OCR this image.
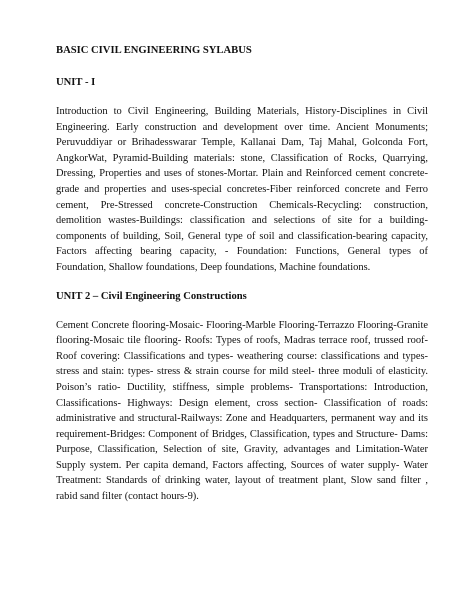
BASIC CIVIL ENGINEERING SYLABUS
UNIT - I

Introduction to Civil Engineering, Building Materials, History-Disciplines in Civil Engineering. Early construction and development over time. Ancient Monuments; Peruvuddiyar or Brihadesswarar Temple, Kallanai Dam, Taj Mahal, Golconda Fort, AngkorWat, Pyramid-Building materials: stone, Classification of Rocks, Quarrying, Dressing, Properties and uses of stones-Mortar. Plain and Reinforced cement concrete-grade and properties and uses-special concretes-Fiber reinforced concrete and Ferro cement, Pre-Stressed concrete-Construction Chemicals-Recycling: construction, demolition wastes-Buildings: classification and selections of site for a building-components of building, Soil, General type of soil and classification-bearing capacity, Factors affecting bearing capacity, - Foundation: Functions, General types of Foundation, Shallow foundations, Deep foundations, Machine foundations.

UNIT 2 – Civil Engineering Constructions

Cement Concrete flooring-Mosaic- Flooring-Marble Flooring-Terrazzo Flooring-Granite flooring-Mosaic tile flooring- Roofs: Types of roofs, Madras terrace roof, trussed roof- Roof covering: Classifications and types- weathering course: classifications and types- stress and stain: types- stress & strain course for mild steel- three moduli of elasticity. Poison’s ratio- Ductility, stiffness, simple problems- Transportations: Introduction, Classifications- Highways: Design element, cross section- Classification of roads: administrative and structural-Railways: Zone and Headquarters, permanent way and its requirement-Bridges: Component of Bridges, Classification, types and Structure- Dams: Purpose, Classification, Selection of site, Gravity, advantages and Limitation-Water Supply system. Per capita demand, Factors affecting, Sources of water supply- Water Treatment: Standards of drinking water, layout of treatment plant, Slow sand filter , rabid sand filter (contact hours-9).
